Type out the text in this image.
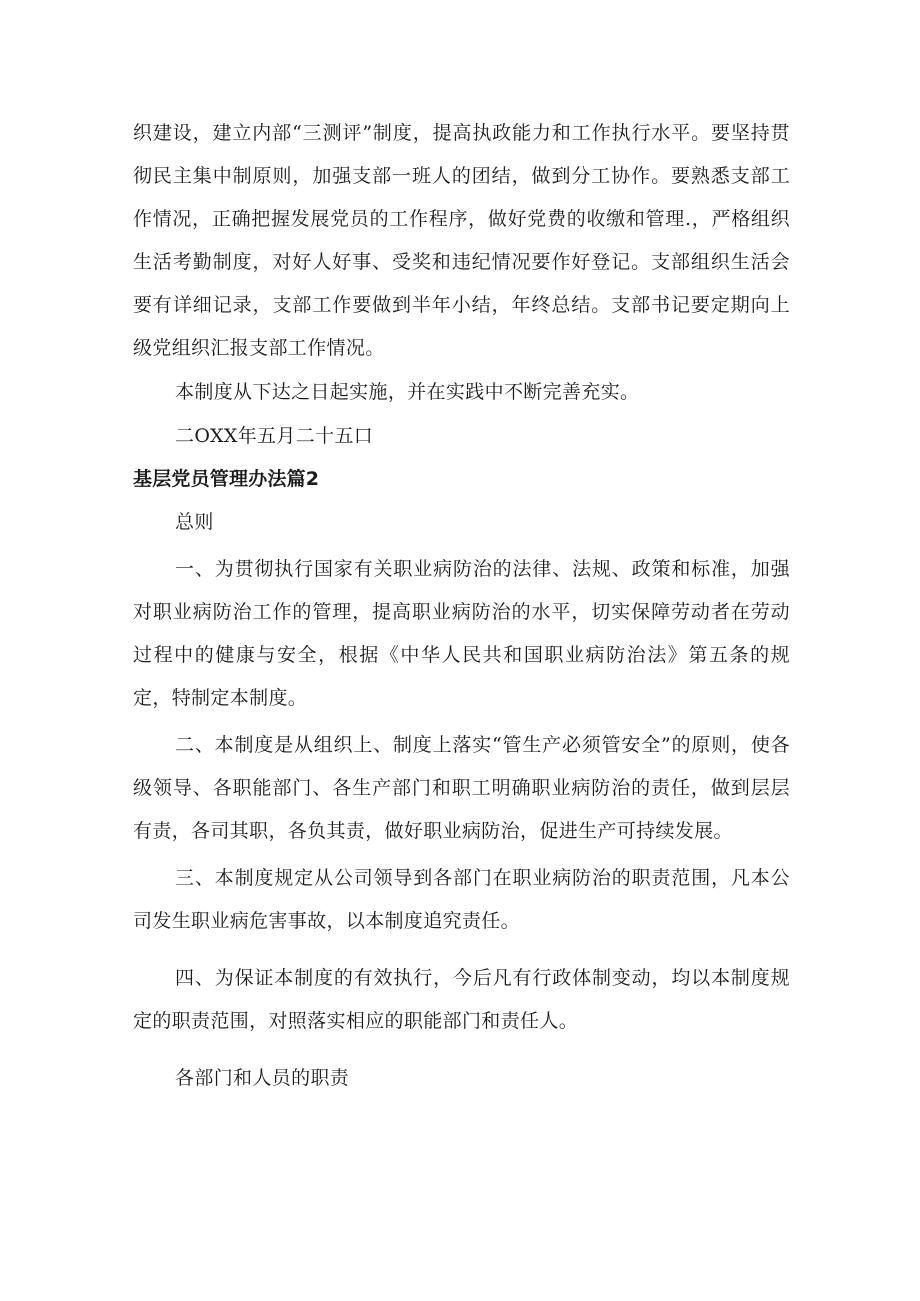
织建设，建立内部“三测评”制度，提高执政能力和工作执行水平。要坚持贯彻民主集中制原则，加强支部一班人的团结，做到分工协作。要熟悉支部工作情况，正确把握发展党员的工作程序，做好党费的收缴和管理.，严格组织生活考勤制度，对好人好事、受奖和违纪情况要作好登记。支部组织生活会要有详细记录，支部工作要做到半年小结，年终总结。支部书记要定期向上级党组织汇报支部工作情况。

本制度从下达之日起实施，并在实践中不断完善充实。

二OXX年五月二十五口

基层党员管理办法篇2

总则

一、为贯彻执行国家有关职业病防治的法律、法规、政策和标准，加强对职业病防治工作的管理，提高职业病防治的水平，切实保障劳动者在劳动过程中的健康与安全，根据《中华人民共和国职业病防治法》第五条的规定，特制定本制度。

二、本制度是从组织上、制度上落实“管生产必须管安全”的原则，使各级领导、各职能部门、各生产部门和职工明确职业病防治的责任，做到层层有责，各司其职，各负其责，做好职业病防治，促进生产可持续发展。

三、本制度规定从公司领导到各部门在职业病防治的职责范围，凡本公司发生职业病危害事故，以本制度追究责任。

四、为保证本制度的有效执行，今后凡有行政体制变动，均以本制度规定的职责范围，对照落实相应的职能部门和责任人。

各部门和人员的职责
